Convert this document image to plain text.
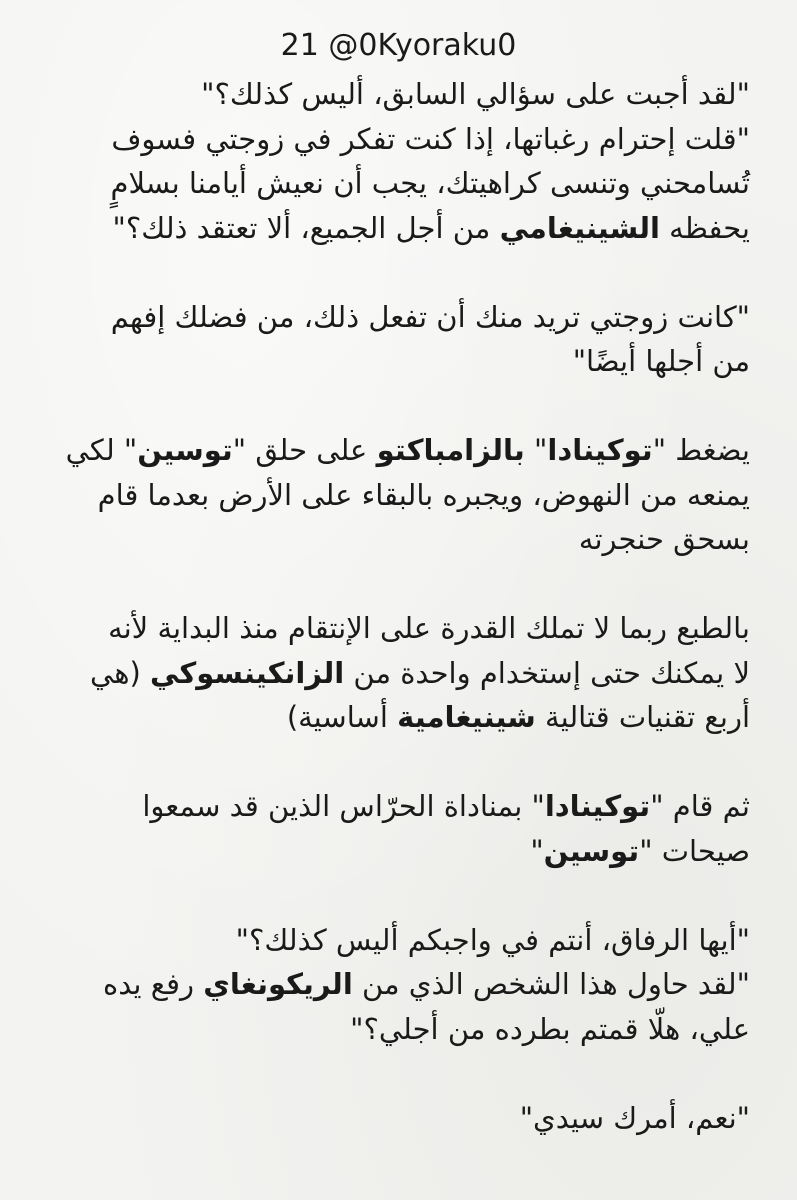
21 @0Kyoraku0
"لقد أجبت على سؤالي السابق، أليس كذلك؟"
"قلت إحترام رغباتها، إذا كنت تفكر في زوجتي فسوف
تُسامحني وتنسى كراهيتك، يجب أن نعيش أيامنا بسلامٍ
يحفظه الشينيغامي من أجل الجميع، ألا تعتقد ذلك؟"
"كانت زوجتي تريد منك أن تفعل ذلك، من فضلك إفهم
من أجلها أيضًا"
يضغط "توكينادا" بالزامباكتو على حلق "توسين" لكي
يمنعه من النهوض، ويجبره بالبقاء على الأرض بعدما قام
بسحق حنجرته
بالطبع ربما لا تملك القدرة على الإنتقام منذ البداية لأنه
لا يمكنك حتى إستخدام واحدة من الزانكينسوكي (هي
أربع تقنيات قتالية شينيغامية أساسية)
ثم قام "توكينادا" بمناداة الحرّاس الذين قد سمعوا
صيحات "توسين"
"أيها الرفاق، أنتم في واجبكم أليس كذلك؟"
"لقد حاول هذا الشخص الذي من الريكونغاي رفع يده
علي، هلّا قمتم بطرده من أجلي؟"
"نعم، أمرك سيدي"
